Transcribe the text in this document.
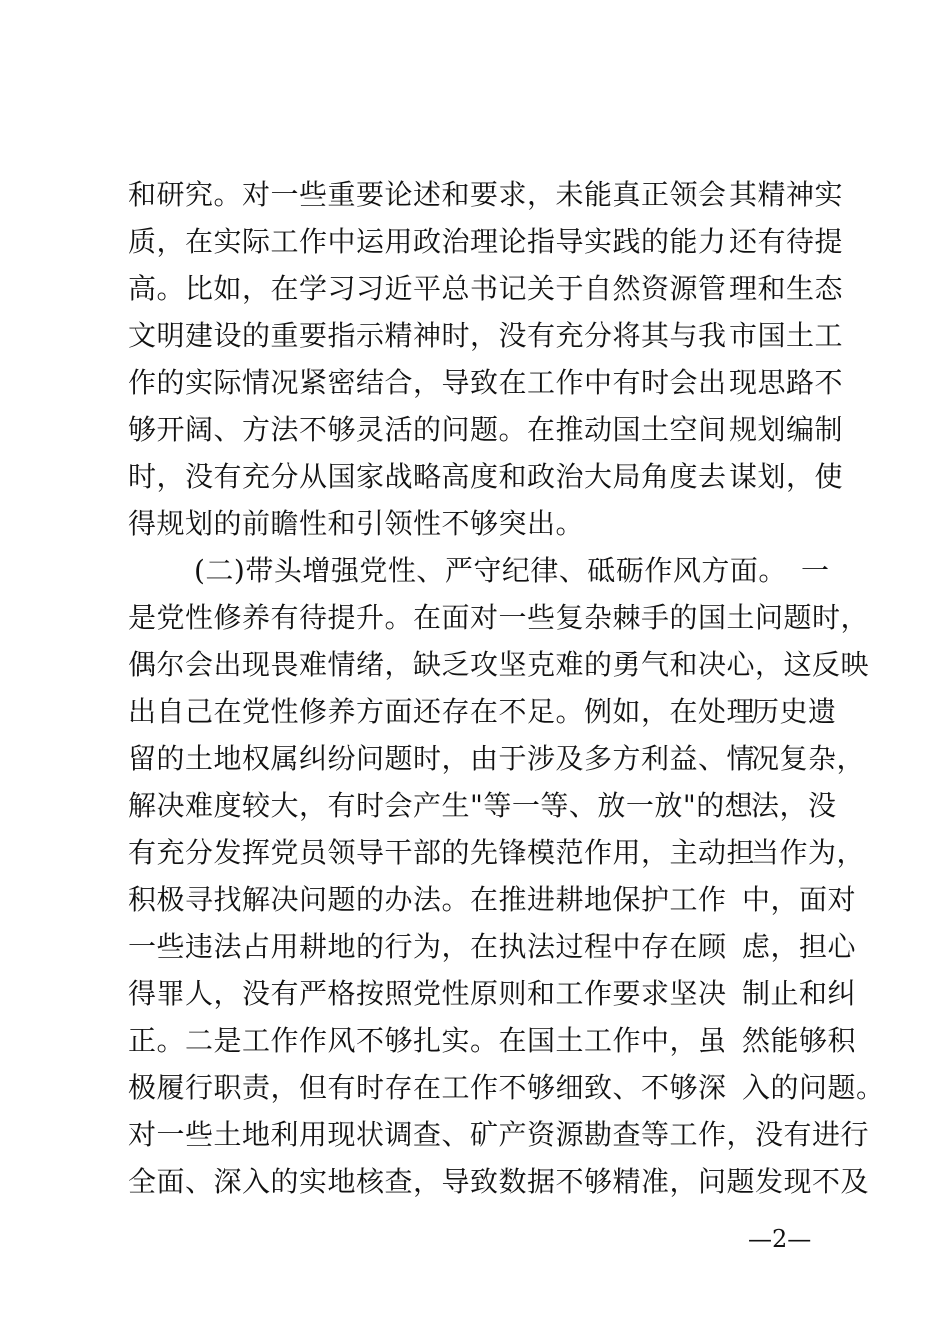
和研究。对一些重要论述和要求，未能真正领会 其精神实
质，在实际工作中运用政治理论指导实践的能力 还有待提
高。比如，在学习习近平总书记关于自然资源管 理和生态
文明建设的重要指示精神时，没有充分将其与我 市国土工
作的实际情况紧密结合，导致在工作中有时会出 现思路不
够开阔、方法不够灵活的问题。在推动国土空间 规划编制
时，没有充分从国家战略高度和政治大局角度去 谋划，使
得规划的前瞻性和引领性不够突出。
(二)带头增强党性、严守纪律、砥砺作风方面。 一
是党性修养有待提升。在面对一些复杂棘手的国土问题时，
偶尔会出现畏难情绪，缺乏攻坚克难的勇气和决心，这反映
出自己在党性修养方面还存在不足。例如，在处理
历史遗
留的土地权属纠纷问题时，由于涉及多方利益、情
况复杂，
解决难度较大，有时会产生"等一等、放一放"的想
法，没
有充分发挥党员领导干部的先锋模范作用，主动担
当作为，
积极寻找解决问题的办法。在推进耕地保护工作 中，面对
一些违法占用耕地的行为，在执法过程中存在顾 虑，担心
得罪人，没有严格按照党性原则和工作要求坚决 制止和纠
正。二是工作作风不够扎实。在国土工作中，虽 然能够积
极履行职责，但有时存在工作不够细致、不够深 入的问题。
对一些土地利用现状调查、矿产资源勘查等工作，没有进行
全面、深入的实地核查，导致数据不够精准，问题发现不及
—2—
